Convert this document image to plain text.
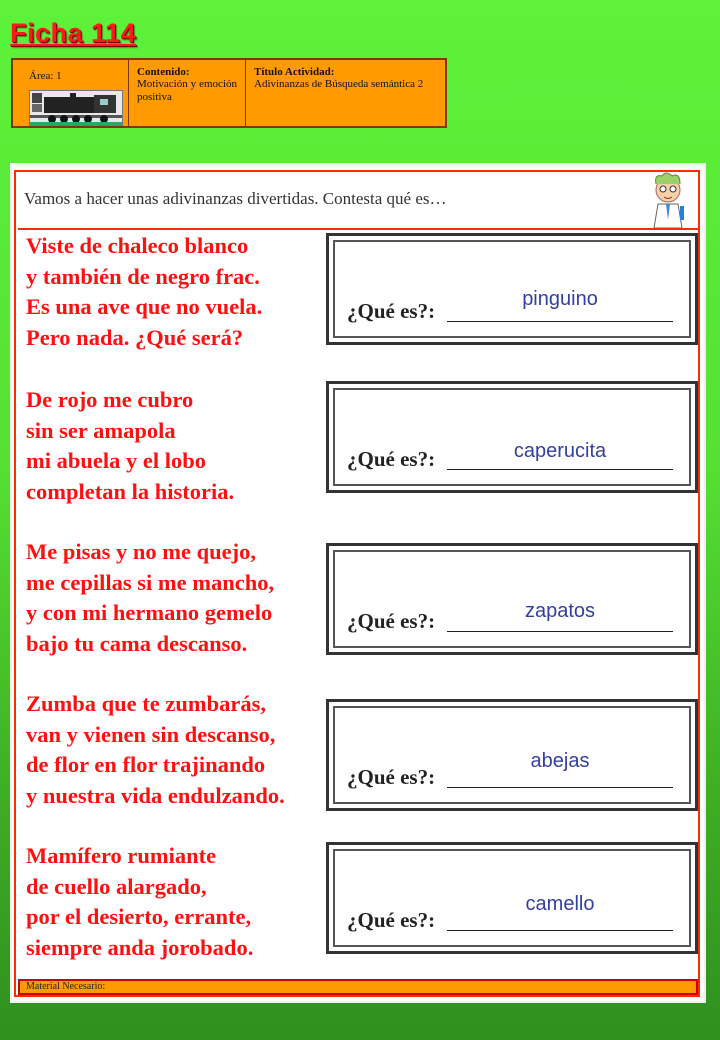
Ficha 114
Área: 1	Contenido:
Motivación y emoción positiva
Título Actividad:
Adivinanzas de Búsqueda semántica 2
Vamos a hacer unas adivinanzas divertidas. Contesta qué es…
Viste de chaleco blanco
y también de negro frac.
Es una ave que no vuela.
Pero nada. ¿Qué será?
pinguino
¿Qué es?:
De rojo me cubro
sin ser amapola
mi abuela y el lobo
completan la historia.
caperucita
¿Qué es?:
Me pisas y no me quejo,
me cepillas si me mancho,
y con mi hermano gemelo
bajo tu cama descanso.
zapatos
¿Qué es?:
Zumba que te zumbarás,
van y vienen sin descanso,
de flor en flor trajinando
y nuestra vida endulzando.
abejas
¿Qué es?:
Mamífero rumiante
de cuello alargado,
por el desierto, errante,
siempre anda jorobado.
camello
¿Qué es?:
Material Necesario:
